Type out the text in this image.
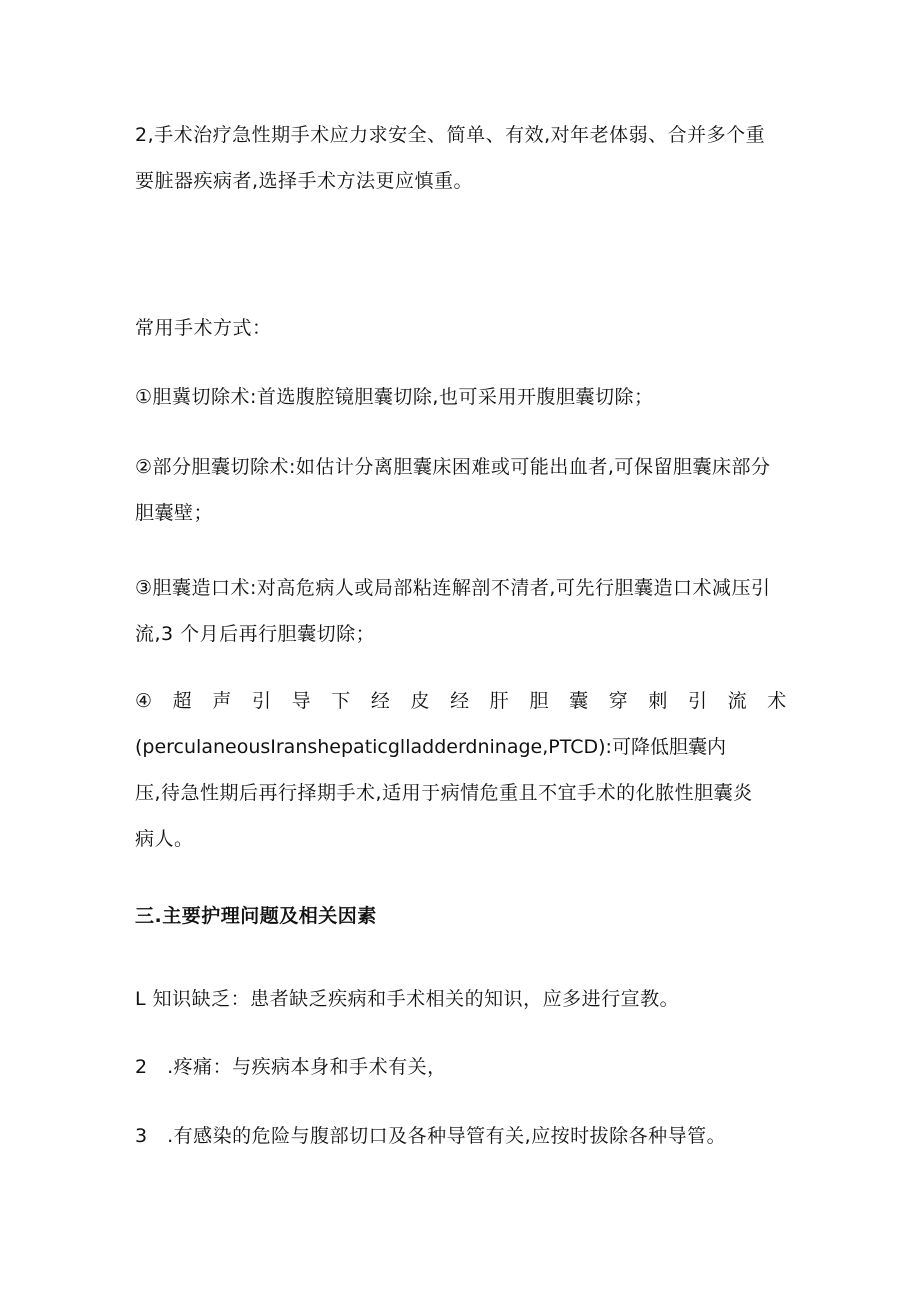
2,手术治疗急性期手术应力求安全、简单、有效,对年老体弱、合并多个重
要脏器疾病者,选择手术方法更应慎重。
常用手术方式：
①胆冀切除术:首选腹腔镜胆囊切除,也可采用开腹胆囊切除；
②部分胆囊切除术:如估计分离胆囊床困难或可能出血者,可保留胆囊床部分
胆囊壁；
③胆囊造口术:对高危病人或局部粘连解剖不清者,可先行胆囊造口术减压引
流,3 个月后再行胆囊切除；
④ 超 声 引 导 下 经 皮 经 肝 胆 囊 穿 刺 引 流 术
(perculaneousIranshepaticglladderdninage,PTCD):可降低胆囊内
压,待急性期后再行择期手术,适用于病情危重且不宜手术的化脓性胆囊炎
病人。
三.主要护理问题及相关因素
L 知识缺乏：患者缺乏疾病和手术相关的知识，应多进行宣教。
2　.疼痛：与疾病本身和手术有关，
3　.有感染的危险与腹部切口及各种导管有关,应按时拔除各种导管。
